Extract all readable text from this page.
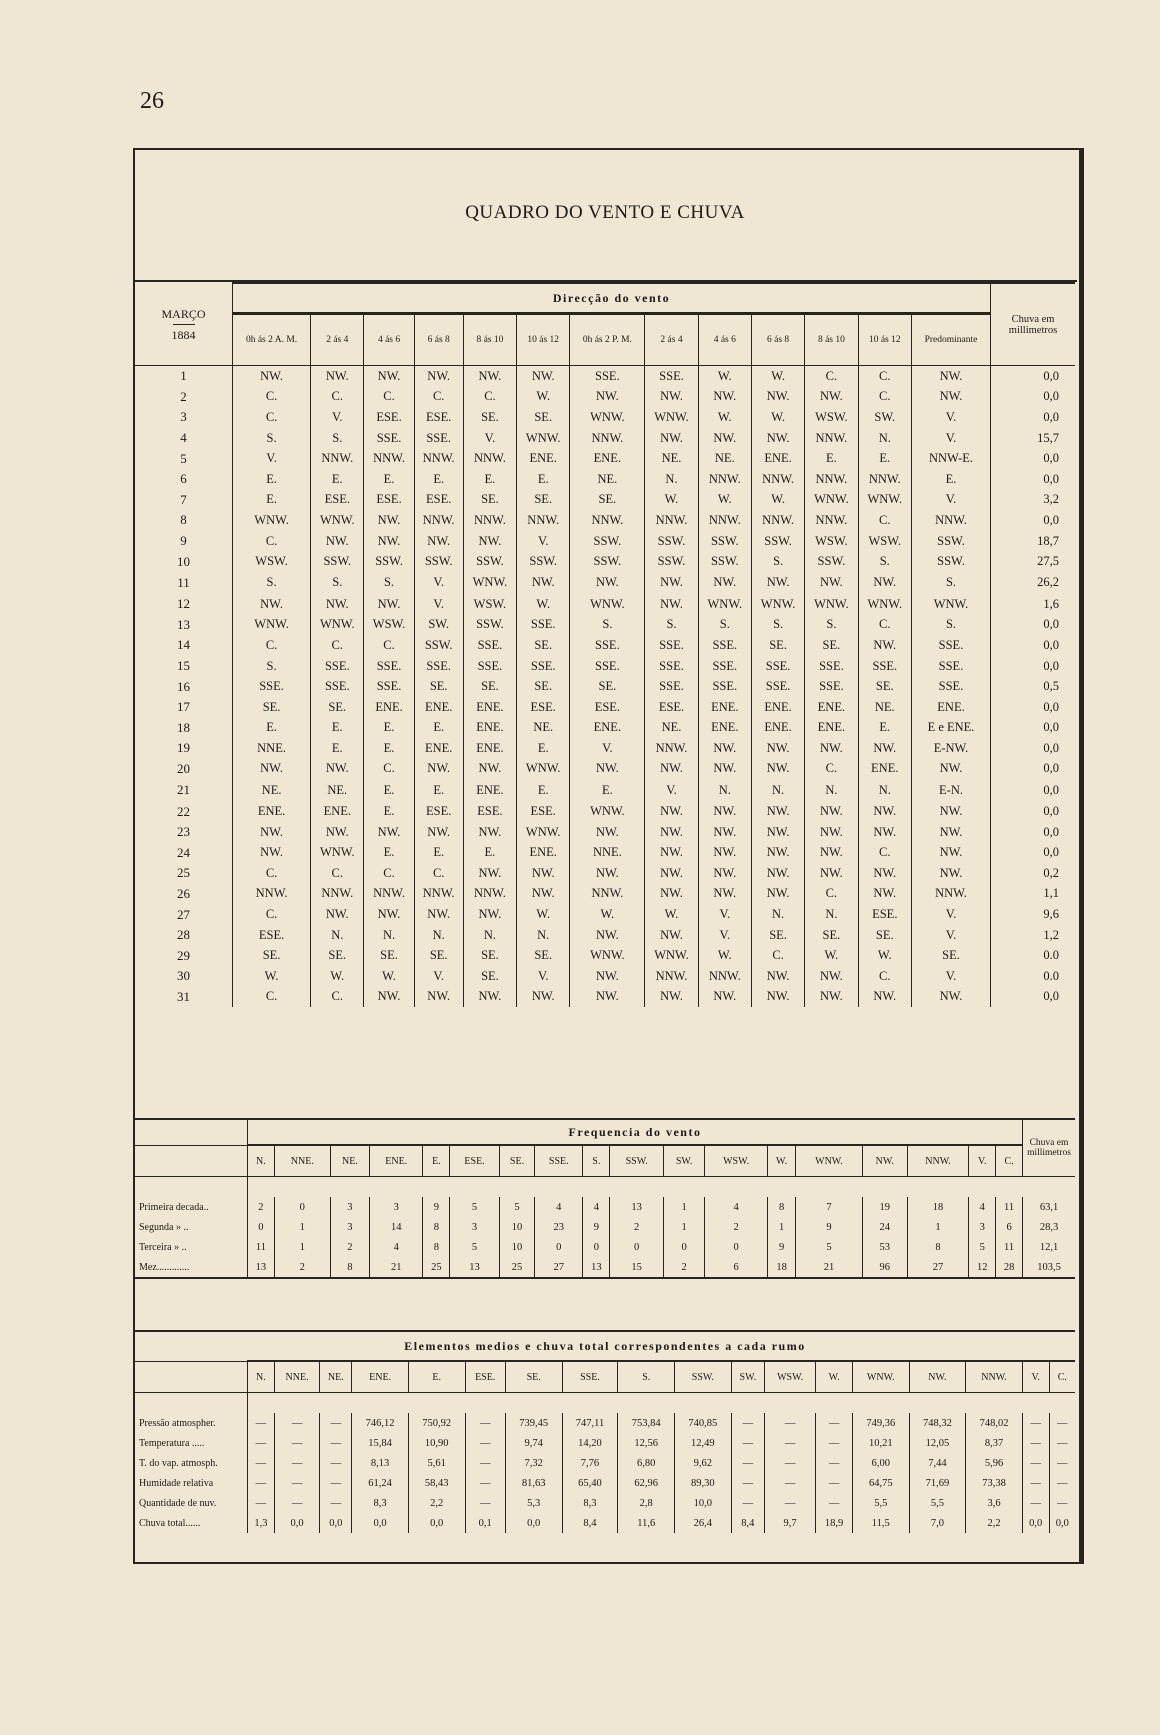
26
QUADRO DO VENTO E CHUVA
MARÇO
1884	Direcção do vento													Chuva em millimetros
	0h ás 2 A. M.	2 ás 4	4 ás 6	6 ás 8	8 ás 10	10 ás 12	0h ás 2 P. M.	2 ás 4	4 ás 6	6 ás 8	8 ás 10	10 ás 12	Predominante	
1	NW.	NW.	NW.	NW.	NW.	NW.	SSE.	SSE.	W.	W.	C.	C.	NW.	0,0
2	C.	C.	C.	C.	C.	W.	NW.	NW.	NW.	NW.	NW.	C.	NW.	0,0
3	C.	V.	ESE.	ESE.	SE.	SE.	WNW.	WNW.	W.	W.	WSW.	SW.	V.	0,0
4	S.	S.	SSE.	SSE.	V.	WNW.	NNW.	NW.	NW.	NW.	NNW.	N.	V.	15,7
5	V.	NNW.	NNW.	NNW.	NNW.	ENE.	ENE.	NE.	NE.	ENE.	E.	E.	NNW-E.	0,0
6	E.	E.	E.	E.	E.	E.	NE.	N.	NNW.	NNW.	NNW.	NNW.	E.	0,0
7	E.	ESE.	ESE.	ESE.	SE.	SE.	SE.	W.	W.	W.	WNW.	WNW.	V.	3,2
8	WNW.	WNW.	NW.	NNW.	NNW.	NNW.	NNW.	NNW.	NNW.	NNW.	NNW.	C.	NNW.	0,0
9	C.	NW.	NW.	NW.	NW.	V.	SSW.	SSW.	SSW.	SSW.	WSW.	WSW.	SSW.	18,7
10	WSW.	SSW.	SSW.	SSW.	SSW.	SSW.	SSW.	SSW.	SSW.	S.	SSW.	S.	SSW.	27,5
11	S.	S.	S.	V.	WNW.	NW.	NW.	NW.	NW.	NW.	NW.	NW.	S.	26,2
12	NW.	NW.	NW.	V.	WSW.	W.	WNW.	NW.	WNW.	WNW.	WNW.	WNW.	WNW.	1,6
13	WNW.	WNW.	WSW.	SW.	SSW.	SSE.	S.	S.	S.	S.	S.	C.	S.	0,0
14	C.	C.	C.	SSW.	SSE.	SE.	SSE.	SSE.	SSE.	SE.	SE.	NW.	SSE.	0,0
15	S.	SSE.	SSE.	SSE.	SSE.	SSE.	SSE.	SSE.	SSE.	SSE.	SSE.	SSE.	SSE.	0,0
16	SSE.	SSE.	SSE.	SE.	SE.	SE.	SE.	SSE.	SSE.	SSE.	SSE.	SE.	SSE.	0,5
17	SE.	SE.	ENE.	ENE.	ENE.	ESE.	ESE.	ESE.	ENE.	ENE.	ENE.	NE.	ENE.	0,0
18	E.	E.	E.	E.	ENE.	NE.	ENE.	NE.	ENE.	ENE.	ENE.	E.	E e ENE.	0,0
19	NNE.	E.	E.	ENE.	ENE.	E.	V.	NNW.	NW.	NW.	NW.	NW.	E-NW.	0,0
20	NW.	NW.	C.	NW.	NW.	WNW.	NW.	NW.	NW.	NW.	C.	ENE.	NW.	0,0
21	NE.	NE.	E.	E.	ENE.	E.	E.	V.	N.	N.	N.	N.	E-N.	0,0
22	ENE.	ENE.	E.	ESE.	ESE.	ESE.	WNW.	NW.	NW.	NW.	NW.	NW.	NW.	0,0
23	NW.	NW.	NW.	NW.	NW.	WNW.	NW.	NW.	NW.	NW.	NW.	NW.	NW.	0,0
24	NW.	WNW.	E.	E.	E.	ENE.	NNE.	NW.	NW.	NW.	NW.	C.	NW.	0,0
25	C.	C.	C.	C.	NW.	NW.	NW.	NW.	NW.	NW.	NW.	NW.	NW.	0,2
26	NNW.	NNW.	NNW.	NNW.	NNW.	NW.	NNW.	NW.	NW.	NW.	C.	NW.	NNW.	1,1
27	C.	NW.	NW.	NW.	NW.	W.	W.	W.	V.	N.	N.	ESE.	V.	9,6
28	ESE.	N.	N.	N.	N.	N.	NW.	NW.	V.	SE.	SE.	SE.	V.	1,2
29	SE.	SE.	SE.	SE.	SE.	SE.	WNW.	WNW.	W.	C.	W.	W.	SE.	0.0
30	W.	W.	W.	V.	SE.	V.	NW.	NNW.	NNW.	NW.	NW.	C.	V.	0.0
31	C.	C.	NW.	NW.	NW.	NW.	NW.	NW.	NW.	NW.	NW.	NW.	NW.	0,0
	Frequencia do vento																		Chuva em millimetros
	N.	NNE.	NE.	ENE.	E.	ESE.	SE.	SSE.	S.	SSW.	SW.	WSW.	W.	WNW.	NW.	NNW.	V.	C.	

Primeira decada..	2	0	3	3	9	5	5	4	4	13	1	4	8	7	19	18	4	11	63,1
Segunda » ..	0	1	3	14	8	3	10	23	9	2	1	2	1	9	24	1	3	6	28,3
Terceira » ..	11	1	2	4	8	5	10	0	0	0	0	0	9	5	53	8	5	11	12,1
Mez.............	13	2	8	21	25	13	25	27	13	15	2	6	18	21	96	27	12	28	103,5
Elementos medios e chuva total correspondentes a cada rumo																		
	N.	NNE.	NE.	ENE.	E.	ESE.	SE.	SSE.	S.	SSW.	SW.	WSW.	W.	WNW.	NW.	NNW.	V.	C.

Pressão atmospher.	—	—	—	746,12	750,92	—	739,45	747,11	753,84	740,85	—	—	—	749,36	748,32	748,02	—	—
Temperatura .....	—	—	—	15,84	10,90	—	9,74	14,20	12,56	12,49	—	—	—	10,21	12,05	8,37	—	—
T. do vap. atmosph.	—	—	—	8,13	5,61	—	7,32	7,76	6,80	9,62	—	—	—	6,00	7,44	5,96	—	—
Humidade relativa	—	—	—	61,24	58,43	—	81,63	65,40	62,96	89,30	—	—	—	64,75	71,69	73,38	—	—
Quantidade de nuv.	—	—	—	8,3	2,2	—	5,3	8,3	2,8	10,0	—	—	—	5,5	5,5	3,6	—	—
Chuva total......	1,3	0,0	0,0	0,0	0,0	0,1	0,0	8,4	11,6	26,4	8,4	9,7	18,9	11,5	7,0	2,2	0,0	0,0
